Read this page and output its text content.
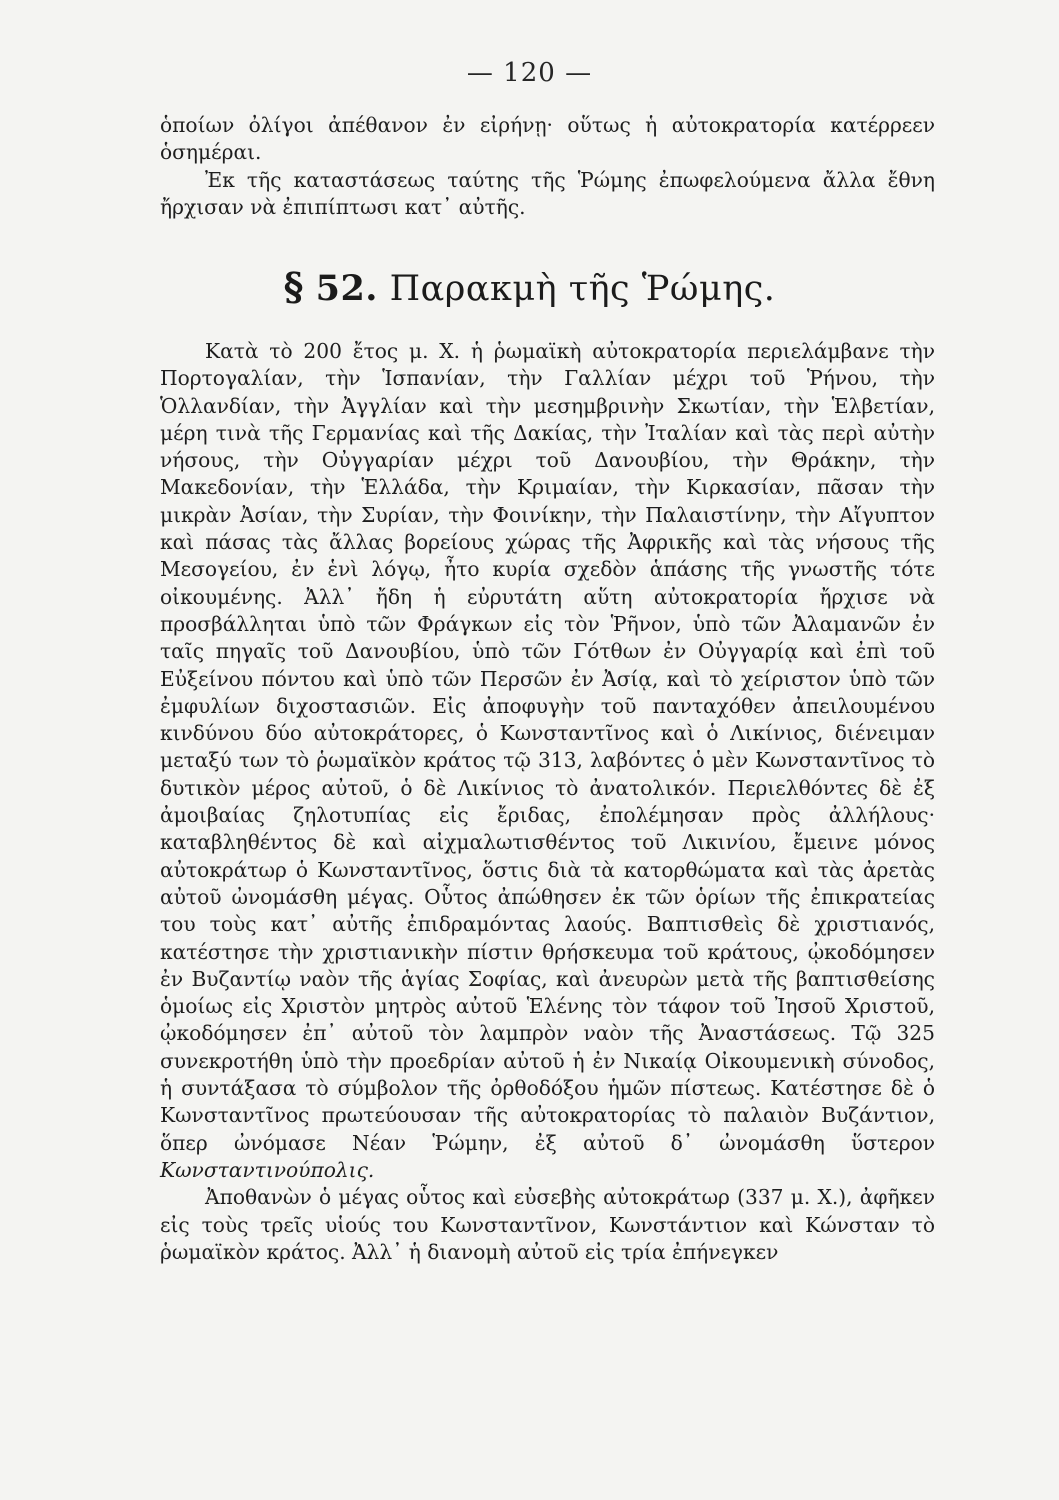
— 120 —

ὁποίων ὀλίγοι ἀπέθανον ἐν εἰρήνῃ· οὕτως ἡ αὐτοκρατορία κατέρρεεν ὁσημέραι.

Ἐκ τῆς καταστάσεως ταύτης τῆς Ῥώμης ἐπωφελούμενα ἄλλα ἔθνη ἤρχισαν νὰ ἐπιπίπτωσι κατ᾽ αὐτῆς.

§ 52. Παρακμὴ τῆς Ῥώμης.

Κατὰ τὸ 200 ἔτος μ. Χ. ἡ ῥωμαϊκὴ αὐτοκρατορία περιελάμβανε τὴν Πορτογαλίαν, τὴν Ἱσπανίαν, τὴν Γαλλίαν μέχρι τοῦ Ῥήνου, τὴν Ὁλλανδίαν, τὴν Ἀγγλίαν καὶ τὴν μεσημβρινὴν Σκωτίαν, τὴν Ἑλβετίαν, μέρη τινὰ τῆς Γερμανίας καὶ τῆς Δακίας, τὴν Ἰταλίαν καὶ τὰς περὶ αὐτὴν νήσους, τὴν Οὐγγαρίαν μέχρι τοῦ Δανουβίου, τὴν Θράκην, τὴν Μακεδονίαν, τὴν Ἑλλάδα, τὴν Κριμαίαν, τὴν Κιρκασίαν, πᾶσαν τὴν μικρὰν Ἀσίαν, τὴν Συρίαν, τὴν Φοινίκην, τὴν Παλαιστίνην, τὴν Αἴγυπτον καὶ πάσας τὰς ἄλλας βορείους χώρας τῆς Ἀφρικῆς καὶ τὰς νήσους τῆς Μεσογείου, ἐν ἑνὶ λόγῳ, ἦτο κυρία σχεδὸν ἁπάσης τῆς γνωστῆς τότε οἰκουμένης. Ἀλλ᾽ ἤδη ἡ εὐρυτάτη αὕτη αὐτοκρατορία ἤρχισε νὰ προσβάλληται ὑπὸ τῶν Φράγκων εἰς τὸν Ῥῆνον, ὑπὸ τῶν Ἀλαμανῶν ἐν ταῖς πηγαῖς τοῦ Δανουβίου, ὑπὸ τῶν Γότθων ἐν Οὐγγαρίᾳ καὶ ἐπὶ τοῦ Εὐξείνου πόντου καὶ ὑπὸ τῶν Περσῶν ἐν Ἀσίᾳ, καὶ τὸ χείριστον ὑπὸ τῶν ἐμφυλίων διχοστασιῶν. Εἰς ἀποφυγὴν τοῦ πανταχόθεν ἀπειλουμένου κινδύνου δύο αὐτοκράτορες, ὁ Κωνσταντῖνος καὶ ὁ Λικίνιος, διένειμαν μεταξύ των τὸ ῥωμαϊκὸν κράτος τῷ 313, λαβόντες ὁ μὲν Κωνσταντῖνος τὸ δυτικὸν μέρος αὐτοῦ, ὁ δὲ Λικίνιος τὸ ἀνατολικόν. Περιελθόντες δὲ ἐξ ἀμοιβαίας ζηλοτυπίας εἰς ἔριδας, ἐπολέμησαν πρὸς ἀλλήλους· καταβληθέντος δὲ καὶ αἰχμαλωτισθέντος τοῦ Λικινίου, ἔμεινε μόνος αὐτοκράτωρ ὁ Κωνσταντῖνος, ὅστις διὰ τὰ κατορθώματα καὶ τὰς ἀρετὰς αὐτοῦ ὠνομάσθη μέγας. Οὗτος ἀπώθησεν ἐκ τῶν ὁρίων τῆς ἐπικρατείας του τοὺς κατ᾽ αὐτῆς ἐπιδραμόντας λαούς. Βαπτισθεὶς δὲ χριστιανός, κατέστησε τὴν χριστιανικὴν πίστιν θρήσκευμα τοῦ κράτους, ᾠκοδόμησεν ἐν Βυζαντίῳ ναὸν τῆς ἁγίας Σοφίας, καὶ ἀνευρὼν μετὰ τῆς βαπτισθείσης ὁμοίως εἰς Χριστὸν μητρὸς αὐτοῦ Ἑλένης τὸν τάφον τοῦ Ἰησοῦ Χριστοῦ, ᾠκοδόμησεν ἐπ᾽ αὐτοῦ τὸν λαμπρὸν ναὸν τῆς Ἀναστάσεως. Τῷ 325 συνεκροτήθη ὑπὸ τὴν προεδρίαν αὐτοῦ ἡ ἐν Νικαίᾳ Οἰκουμενικὴ σύνοδος, ἡ συντάξασα τὸ σύμβολον τῆς ὀρθοδόξου ἡμῶν πίστεως. Κατέστησε δὲ ὁ Κωνσταντῖνος πρωτεύουσαν τῆς αὐτοκρατορίας τὸ παλαιὸν Βυζάντιον, ὅπερ ὠνόμασε Νέαν Ῥώμην, ἐξ αὐτοῦ δ᾽ ὠνομάσθη ὕστερον Κωνσταντινούπολις.

Ἀποθανὼν ὁ μέγας οὗτος καὶ εὐσεβὴς αὐτοκράτωρ (337 μ. Χ.), ἀφῆκεν εἰς τοὺς τρεῖς υἱούς του Κωνσταντῖνον, Κωνστάντιον καὶ Κώνσταν τὸ ῥωμαϊκὸν κράτος. Ἀλλ᾽ ἡ διανομὴ αὐτοῦ εἰς τρία ἐπήνεγκεν
